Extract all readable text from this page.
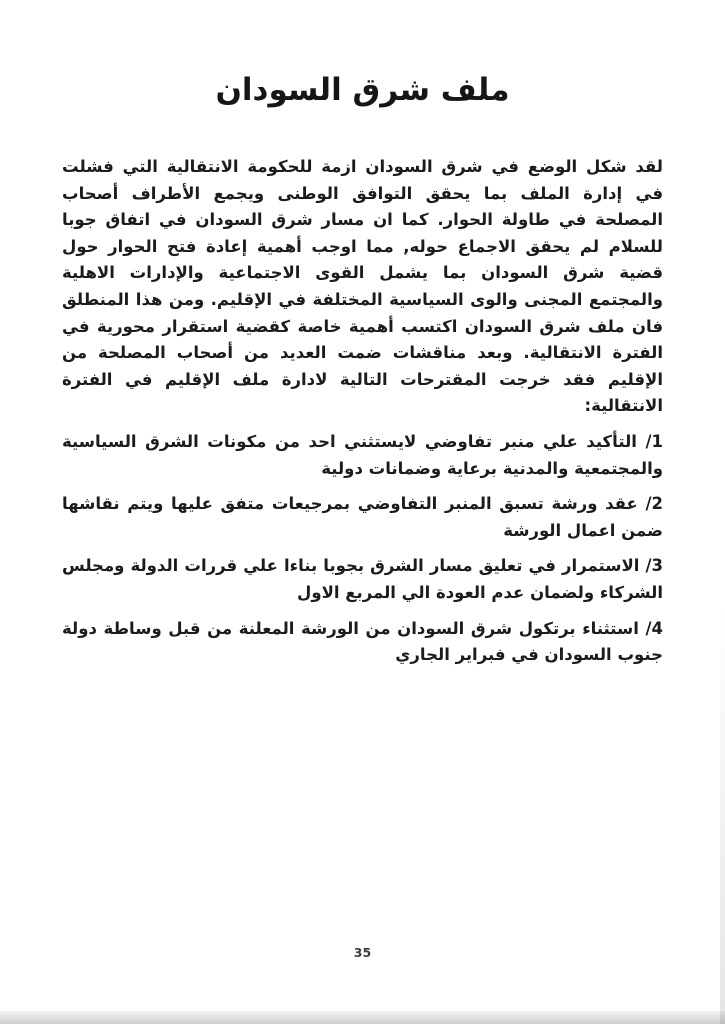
ملف شرق السودان

لقد شكل الوضع في شرق السودان ازمة للحكومة الانتقالية التي فشلت في إدارة الملف بما يحقق التوافق الوطنى ويجمع الأطراف أصحاب المصلحة في طاولة الحوار. كما ان مسار شرق السودان في اتفاق جوبا للسلام لم يحقق الاجماع حوله, مما اوجب أهمية إعادة فتح الحوار حول قضية شرق السودان بما يشمل القوى الاجتماعية والإدارات الاهلية والمجتمع المجنى والوى السياسية المختلفة في الإقليم. ومن هذا المنطلق فان ملف شرق السودان اكتسب أهمية خاصة كقضية استقرار محورية في الفترة الانتقالية. وبعد مناقشات ضمت العديد من أصحاب المصلحة من الإقليم فقد خرجت المقترحات التالية لادارة ملف الإقليم في الفترة الانتقالية:

1/ التأكيد علي منبر تفاوضي لايستثني احد من مكونات الشرق السياسية والمجتمعية والمدنية برعاية وضمانات دولية

2/ عقد ورشة تسبق المنبر التفاوضي بمرجيعات متفق عليها ويتم نقاشها ضمن اعمال الورشة

3/ الاستمرار في تعليق مسار الشرق بجوبا بناءا علي قررات الدولة ومجلس الشركاء ولضمان عدم العودة الي المربع الاول

4/ استثناء برتكول شرق السودان من الورشة المعلنة من قبل وساطة دولة جنوب السودان في فبراير الجاري

35
